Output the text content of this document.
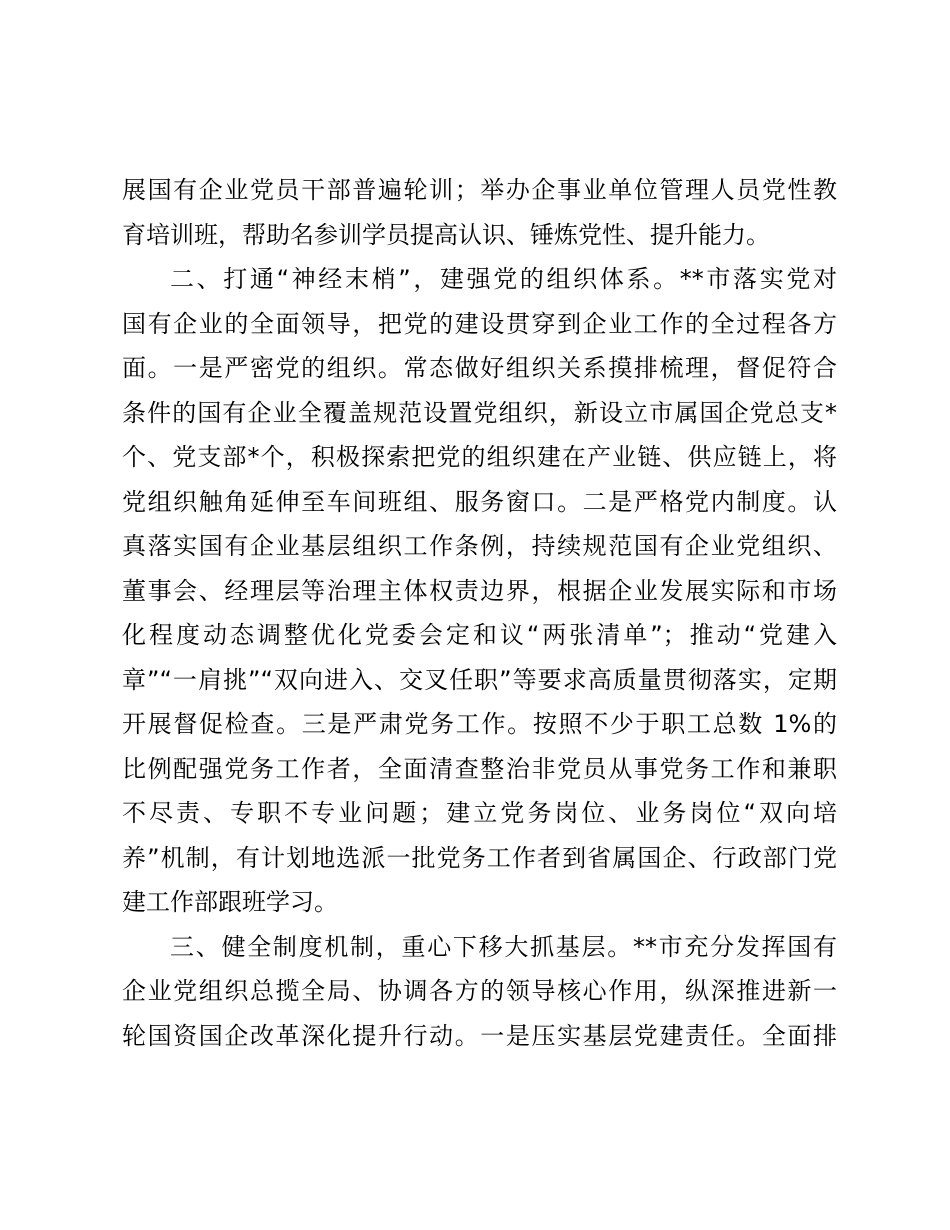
展国有企业党员干部普遍轮训；举办企事业单位管理人员党性教
育培训班，帮助名参训学员提高认识、锤炼党性、提升能力。
二、打通“神经末梢”，建强党的组织体系。**市落实党对
国有企业的全面领导，把党的建设贯穿到企业工作的全过程各方
面。一是严密党的组织。常态做好组织关系摸排梳理，督促符合
条件的国有企业全覆盖规范设置党组织，新设立市属国企党总支*
个、党支部*个，积极探索把党的组织建在产业链、供应链上，将
党组织触角延伸至车间班组、服务窗口。二是严格党内制度。认
真落实国有企业基层组织工作条例，持续规范国有企业党组织、
董事会、经理层等治理主体权责边界，根据企业发展实际和市场
化程度动态调整优化党委会定和议“两张清单”；推动“党建入
章”“一肩挑”“双向进入、交叉任职”等要求高质量贯彻落实，定期
开展督促检查。三是严肃党务工作。按照不少于职工总数 1%的
比例配强党务工作者，全面清查整治非党员从事党务工作和兼职
不尽责、专职不专业问题；建立党务岗位、业务岗位“双向培
养”机制，有计划地选派一批党务工作者到省属国企、行政部门党
建工作部跟班学习。
三、健全制度机制，重心下移大抓基层。**市充分发挥国有
企业党组织总揽全局、协调各方的领导核心作用，纵深推进新一
轮国资国企改革深化提升行动。一是压实基层党建责任。全面排
